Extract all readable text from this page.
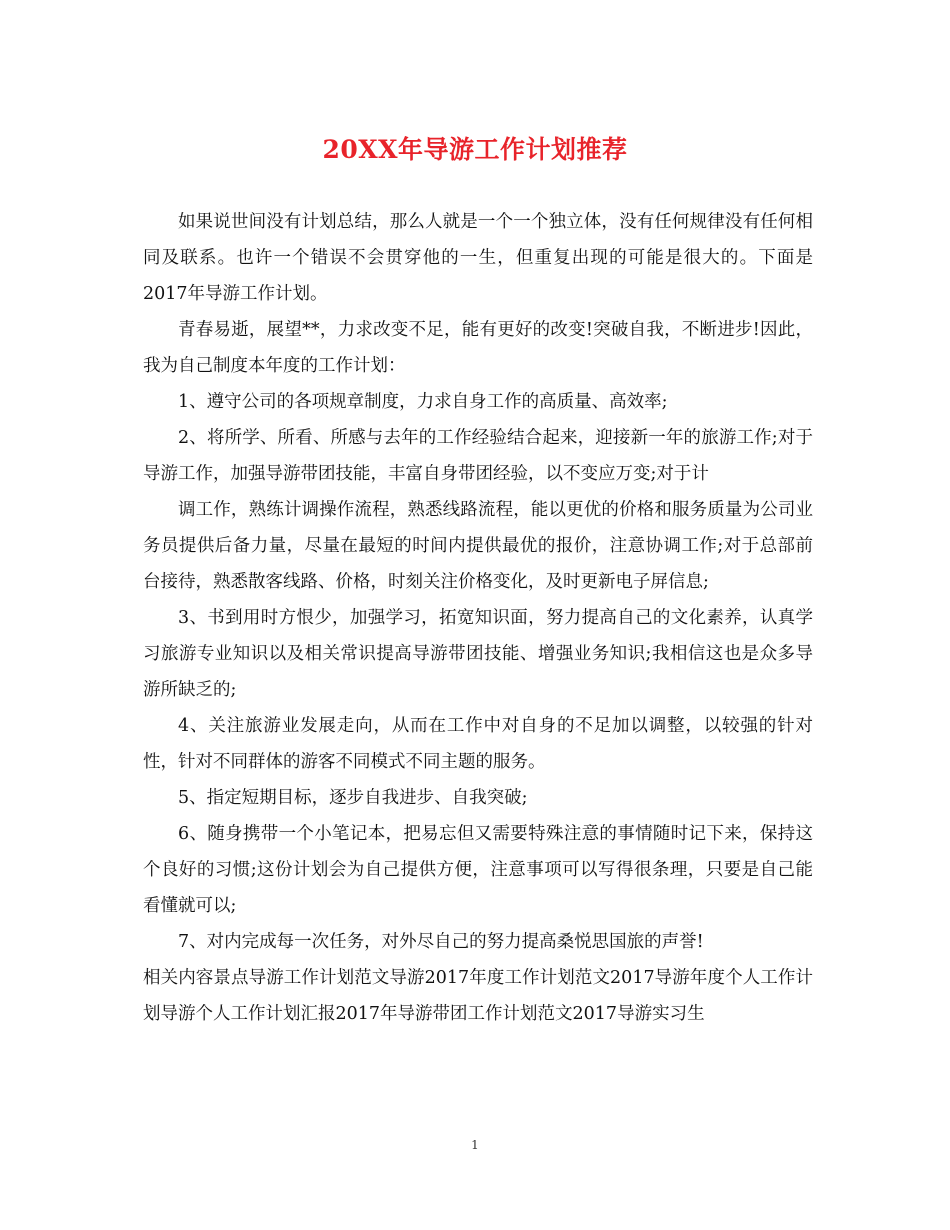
20XX年导游工作计划推荐

如果说世间没有计划总结，那么人就是一个一个独立体，没有任何规律没有任何相同及联系。也许一个错误不会贯穿他的一生，但重复出现的可能是很大的。下面是2017年导游工作计划。

青春易逝，展望**，力求改变不足，能有更好的改变!突破自我，不断进步!因此，我为自己制度本年度的工作计划：

1、遵守公司的各项规章制度，力求自身工作的高质量、高效率;

2、将所学、所看、所感与去年的工作经验结合起来，迎接新一年的旅游工作;对于导游工作，加强导游带团技能，丰富自身带团经验，以不变应万变;对于计

调工作，熟练计调操作流程，熟悉线路流程，能以更优的价格和服务质量为公司业务员提供后备力量，尽量在最短的时间内提供最优的报价，注意协调工作;对于总部前台接待，熟悉散客线路、价格，时刻关注价格变化，及时更新电子屏信息;

3、书到用时方恨少，加强学习，拓宽知识面，努力提高自己的文化素养，认真学习旅游专业知识以及相关常识提高导游带团技能、增强业务知识;我相信这也是众多导游所缺乏的;

4、关注旅游业发展走向，从而在工作中对自身的不足加以调整，以较强的针对性，针对不同群体的游客不同模式不同主题的服务。

5、指定短期目标，逐步自我进步、自我突破;

6、随身携带一个小笔记本，把易忘但又需要特殊注意的事情随时记下来，保持这个良好的习惯;这份计划会为自己提供方便，注意事项可以写得很条理，只要是自己能看懂就可以;

7、对内完成每一次任务，对外尽自己的努力提高桑悦思国旅的声誉!

相关内容景点导游工作计划范文导游2017年度工作计划范文2017导游年度个人工作计划导游个人工作计划汇报2017年导游带团工作计划范文2017导游实习生

1
